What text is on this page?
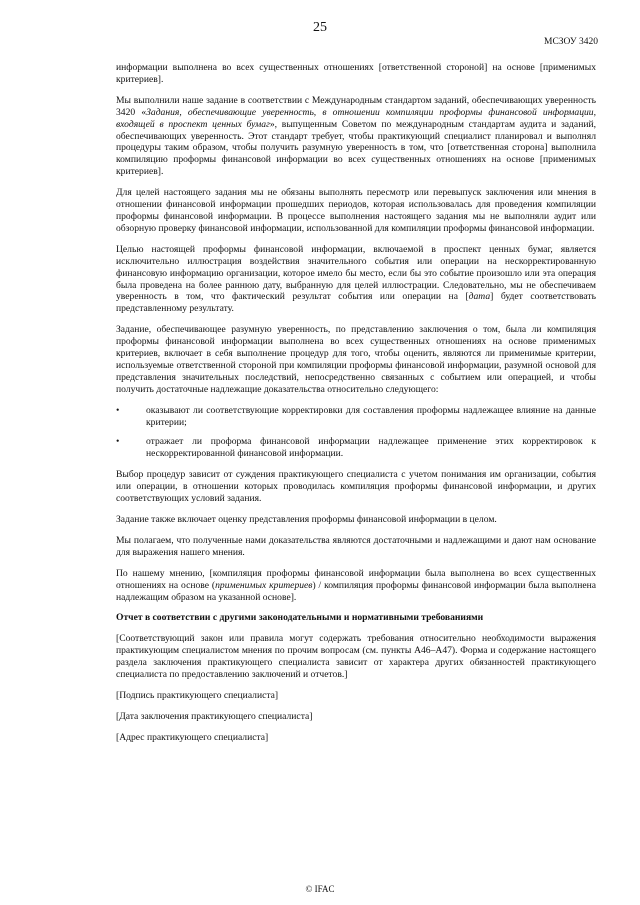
25
МСЗОУ 3420

информации выполнена во всех существенных отношениях [ответственной стороной] на основе [применимых критериев].

Мы выполнили наше задание в соответствии с Международным стандартом заданий, обеспечивающих уверенность 3420 «Задания, обеспечивающие уверенность, в отношении компиляции проформы финансовой информации, входящей в проспект ценных бумаг», выпущенным Советом по международным стандартам аудита и заданий, обеспечивающих уверенность. Этот стандарт требует, чтобы практикующий специалист планировал и выполнял процедуры таким образом, чтобы получить разумную уверенность в том, что [ответственная сторона] выполнила компиляцию проформы финансовой информации во всех существенных отношениях на основе [применимых критериев].

Для целей настоящего задания мы не обязаны выполнять пересмотр или перевыпуск заключения или мнения в отношении финансовой информации прошедших периодов, которая использовалась для проведения компиляции проформы финансовой информации. В процессе выполнения настоящего задания мы не выполняли аудит или обзорную проверку финансовой информации, использованной для компиляции проформы финансовой информации.

Целью настоящей проформы финансовой информации, включаемой в проспект ценных бумаг, является исключительно иллюстрация воздействия значительного события или операции на нескорректированную финансовую информацию организации, которое имело бы место, если бы это событие произошло или эта операция была проведена на более раннюю дату, выбранную для целей иллюстрации. Следовательно, мы не обеспечиваем уверенность в том, что фактический результат события или операции на [дата] будет соответствовать представленному результату.

Задание, обеспечивающее разумную уверенность, по представлению заключения о том, была ли компиляция проформы финансовой информации выполнена во всех существенных отношениях на основе применимых критериев, включает в себя выполнение процедур для того, чтобы оценить, являются ли применимые критерии, используемые ответственной стороной при компиляции проформы финансовой информации, разумной основой для представления значительных последствий, непосредственно связанных с событием или операцией, и чтобы получить достаточные надлежащие доказательства относительно следующего:

•	оказывают ли соответствующие корректировки для составления проформы надлежащее влияние на данные критерии;
•	отражает ли проформа финансовой информации надлежащее применение этих корректировок к нескорректированной финансовой информации.

Выбор процедур зависит от суждения практикующего специалиста с учетом понимания им организации, события или операции, в отношении которых проводилась компиляция проформы финансовой информации, и других соответствующих условий задания.

Задание также включает оценку представления проформы финансовой информации в целом.

Мы полагаем, что полученные нами доказательства являются достаточными и надлежащими и дают нам основание для выражения нашего мнения.

По нашему мнению, [компиляция проформы финансовой информации была выполнена во всех существенных отношениях на основе (применимых критериев) / компиляция проформы финансовой информации была выполнена надлежащим образом на указанной основе].

Отчет в соответствии с другими законодательными и нормативными требованиями

[Соответствующий закон или правила могут содержать требования относительно необходимости выражения практикующим специалистом мнения по прочим вопросам (см. пункты A46–A47). Форма и содержание настоящего раздела заключения практикующего специалиста зависит от характера других обязанностей практикующего специалиста по предоставлению заключений и отчетов.]

[Подпись практикующего специалиста]

[Дата заключения практикующего специалиста]

[Адрес практикующего специалиста]

© IFAC
